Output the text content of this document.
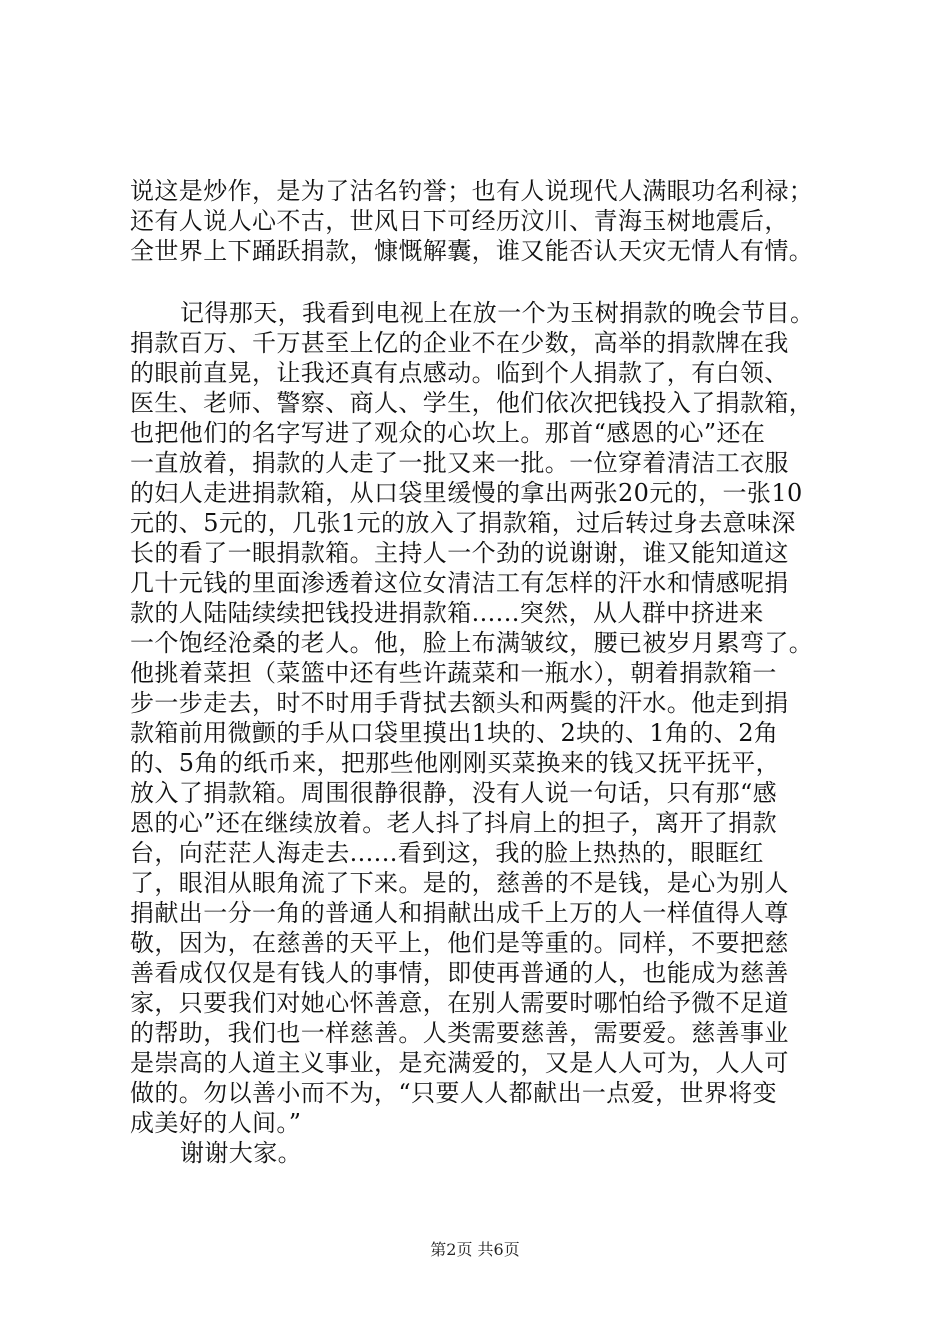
说这是炒作，是为了沽名钓誉；也有人说现代人满眼功名利禄；
还有人说人心不古，世风日下可经历汶川、青海玉树地震后，
全世界上下踊跃捐款，慷慨解囊，谁又能否认天灾无情人有情。
记得那天，我看到电视上在放一个为玉树捐款的晚会节目。
捐款百万、千万甚至上亿的企业不在少数，高举的捐款牌在我
的眼前直晃，让我还真有点感动。临到个人捐款了，有白领、
医生、老师、警察、商人、学生，他们依次把钱投入了捐款箱，
也把他们的名字写进了观众的心坎上。那首“感恩的心”还在
一直放着，捐款的人走了一批又来一批。一位穿着清洁工衣服
的妇人走进捐款箱，从口袋里缓慢的拿出两张20元的，一张10
元的、5元的，几张1元的放入了捐款箱，过后转过身去意味深
长的看了一眼捐款箱。主持人一个劲的说谢谢，谁又能知道这
几十元钱的里面渗透着这位女清洁工有怎样的汗水和情感呢捐
款的人陆陆续续把钱投进捐款箱......突然，从人群中挤进来
一个饱经沧桑的老人。他，脸上布满皱纹，腰已被岁月累弯了。
他挑着菜担（菜篮中还有些许蔬菜和一瓶水），朝着捐款箱一
步一步走去，时不时用手背拭去额头和两鬓的汗水。他走到捐
款箱前用微颤的手从口袋里摸出1块的、2块的、1角的、2角
的、5角的纸币来，把那些他刚刚买菜换来的钱又抚平抚平，
放入了捐款箱。周围很静很静，没有人说一句话，只有那“感
恩的心”还在继续放着。老人抖了抖肩上的担子，离开了捐款
台，向茫茫人海走去......看到这，我的脸上热热的，眼眶红
了，眼泪从眼角流了下来。是的，慈善的不是钱，是心为别人
捐献出一分一角的普通人和捐献出成千上万的人一样值得人尊
敬，因为，在慈善的天平上，他们是等重的。同样，不要把慈
善看成仅仅是有钱人的事情，即使再普通的人，也能成为慈善
家，只要我们对她心怀善意，在别人需要时哪怕给予微不足道
的帮助，我们也一样慈善。人类需要慈善，需要爱。慈善事业
是崇高的人道主义事业，是充满爱的，又是人人可为，人人可
做的。勿以善小而不为，“只要人人都献出一点爱，世界将变
成美好的人间。”
谢谢大家。
第2页 共6页
